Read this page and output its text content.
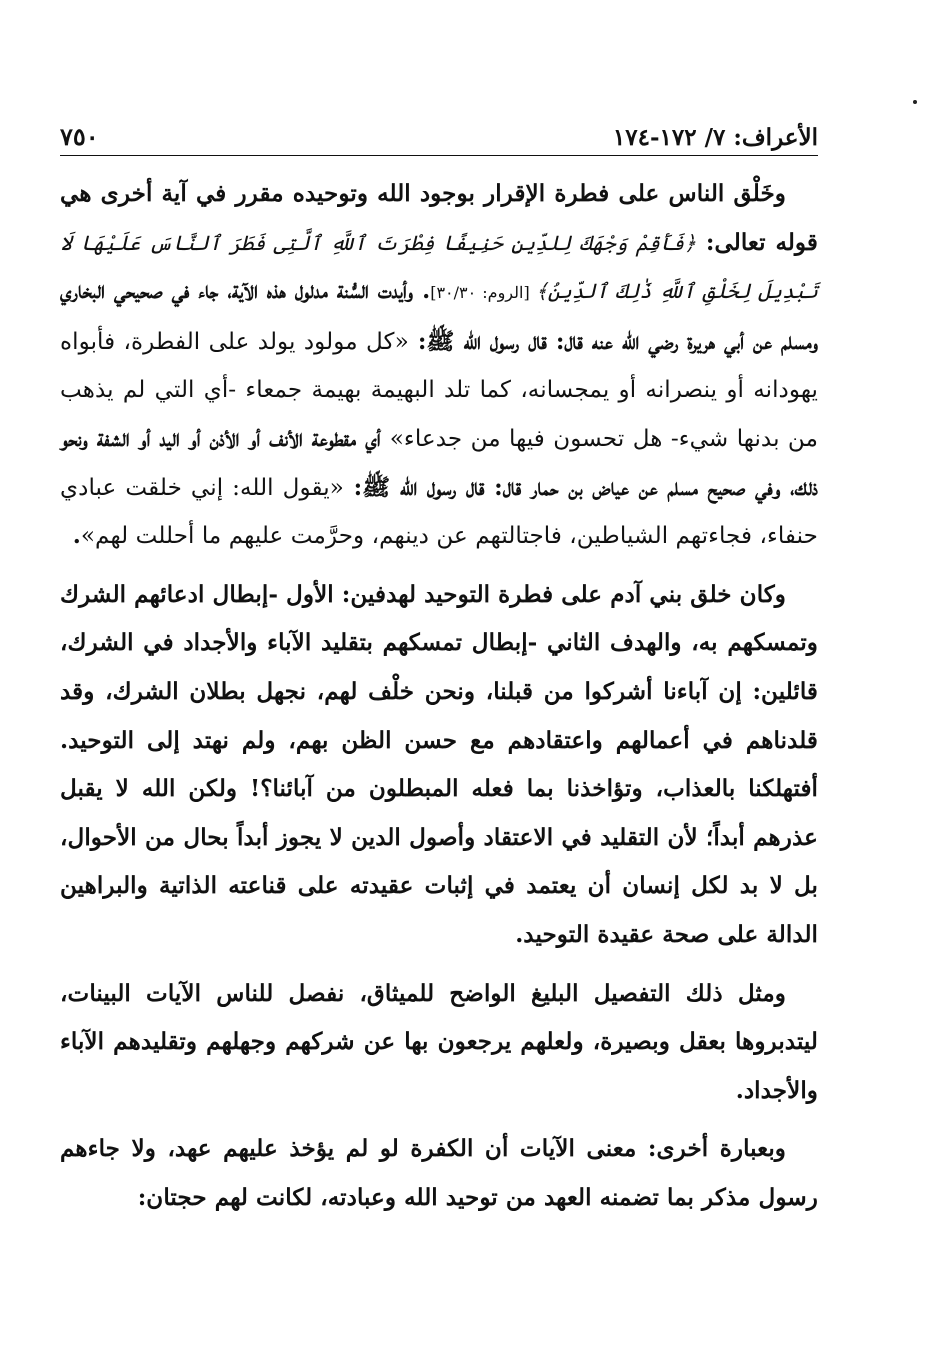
الأعراف: ٧/ ١٧٢-١٧٤
٧٥٠

وخَلْق الناس على فطرة الإقرار بوجود الله وتوحيده مقرر في آية أخرى هي قوله تعالى: ﴿فَأَقِمْ وَجْهَكَ لِلدِّينِ حَنِيفًا فِطْرَتَ ٱللَّهِ ٱلَّتِى فَطَرَ ٱلنَّاسَ عَلَيْهَا لَا تَبْدِيلَ لِخَلْقِ ٱللَّهِ ذَٰلِكَ ٱلدِّينُ﴾ [الروم: ٣٠/٣٠]. وأيدت السُّنة مدلول هذه الآية، جاء في صحيحي البخاري ومسلم عن أبي هريرة رضي الله عنه قال: قال رسول الله ﷺ: «كل مولود يولد على الفطرة، فأبواه يهودانه أو ينصرانه أو يمجسانه، كما تلد البهيمة بهيمة جمعاء -أي التي لم يذهب من بدنها شيء- هل تحسون فيها من جدعاء» أي مقطوعة الأنف أو الأذن أو اليد أو الشفة ونحو ذلك، وفي صحيح مسلم عن عياض بن حمار قال: قال رسول الله ﷺ: «يقول الله: إني خلقت عبادي حنفاء، فجاءتهم الشياطين، فاجتالتهم عن دينهم، وحرَّمت عليهم ما أحللت لهم».

وكان خلق بني آدم على فطرة التوحيد لهدفين: الأول -إبطال ادعائهم الشرك وتمسكهم به، والهدف الثاني -إبطال تمسكهم بتقليد الآباء والأجداد في الشرك، قائلين: إن آباءنا أشركوا من قبلنا، ونحن خلْف لهم، نجهل بطلان الشرك، وقد قلدناهم في أعمالهم واعتقادهم مع حسن الظن بهم، ولم نهتد إلى التوحيد. أفتهلكنا بالعذاب، وتؤاخذنا بما فعله المبطلون من آبائنا؟! ولكن الله لا يقبل عذرهم أبداً؛ لأن التقليد في الاعتقاد وأصول الدين لا يجوز أبداً بحال من الأحوال، بل لا بد لكل إنسان أن يعتمد في إثبات عقيدته على قناعته الذاتية والبراهين الدالة على صحة عقيدة التوحيد.

ومثل ذلك التفصيل البليغ الواضح للميثاق، نفصل للناس الآيات البينات، ليتدبروها بعقل وبصيرة، ولعلهم يرجعون بها عن شركهم وجهلهم وتقليدهم الآباء والأجداد.

وبعبارة أخرى: معنى الآيات أن الكفرة لو لم يؤخذ عليهم عهد، ولا جاءهم رسول مذكر بما تضمنه العهد من توحيد الله وعبادته، لكانت لهم حجتان:
